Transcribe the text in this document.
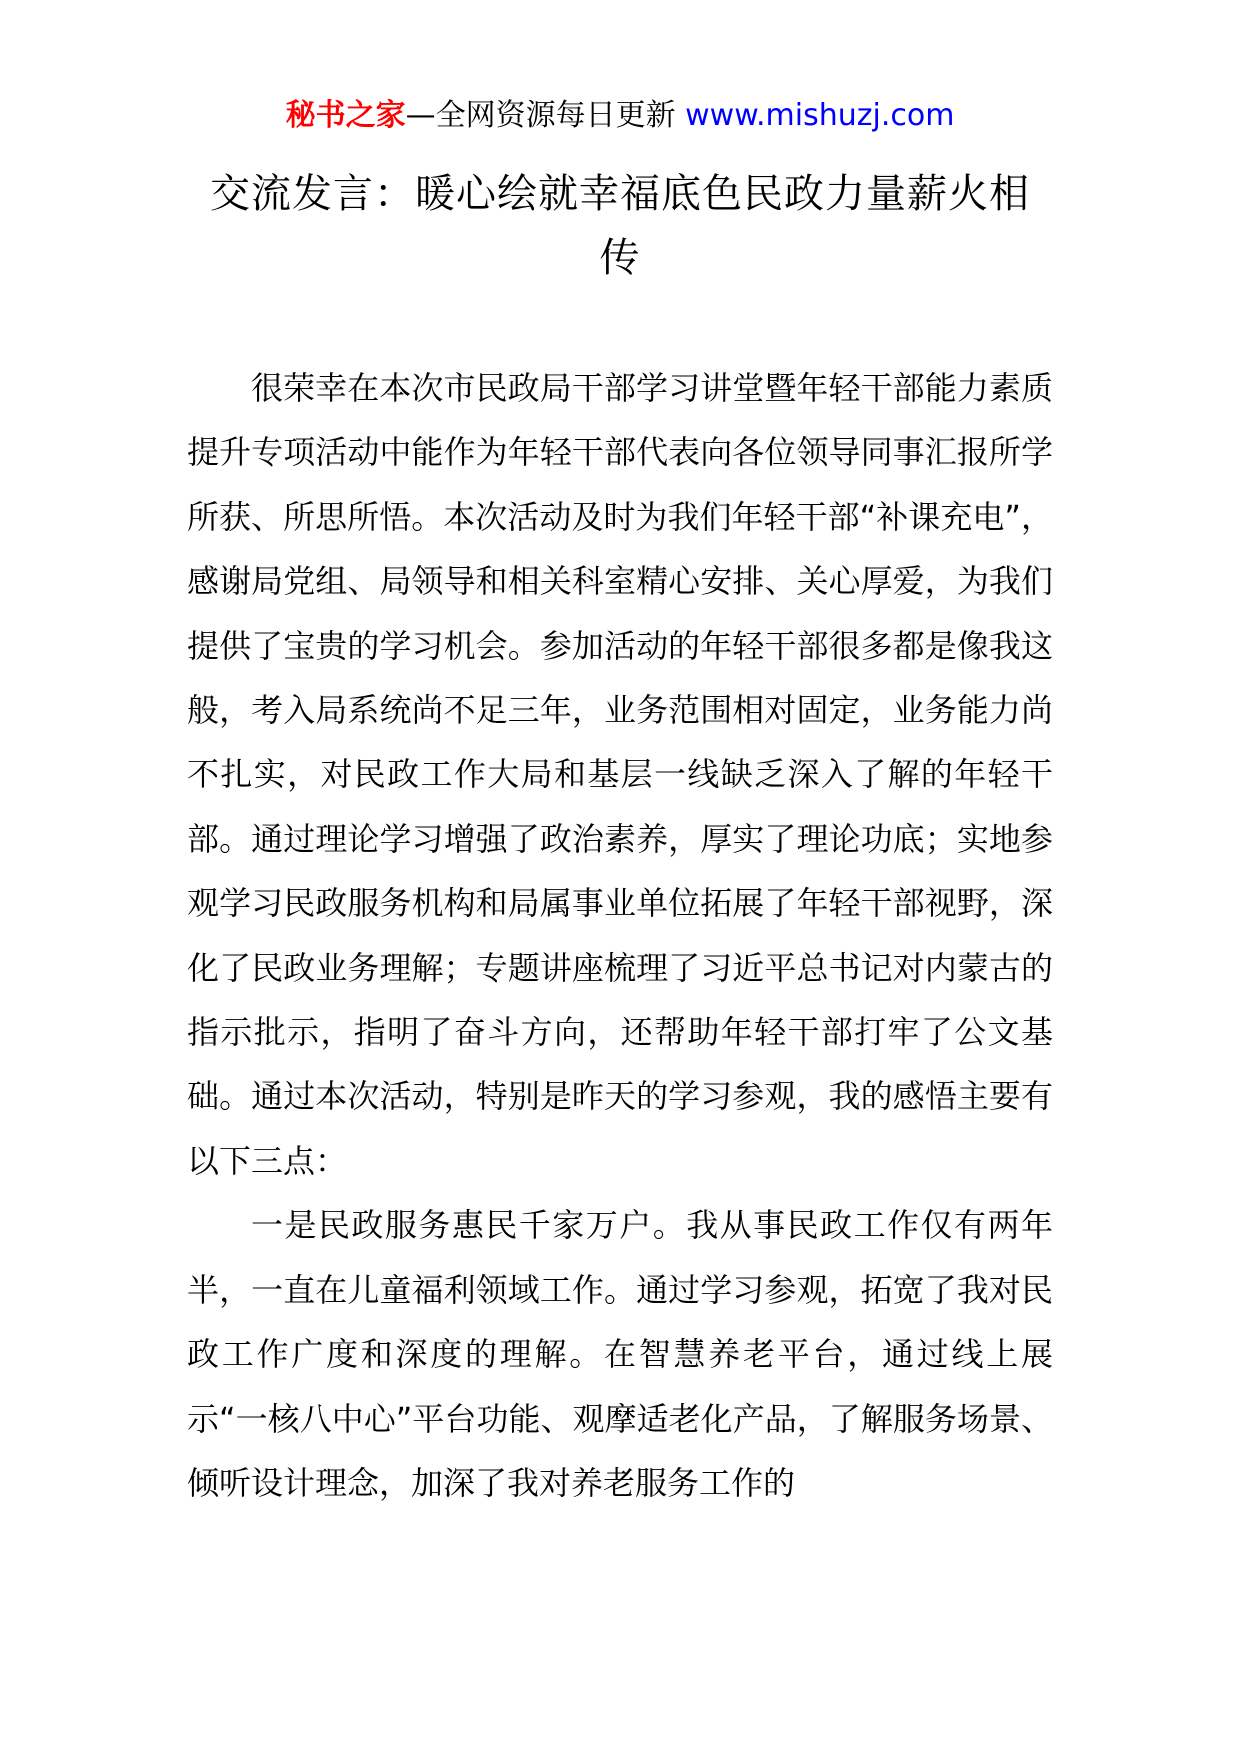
秘书之家—全网资源每日更新 www.mishuzj.com
交流发言：暖心绘就幸福底色民政力量薪火相传

很荣幸在本次市民政局干部学习讲堂暨年轻干部能力素质提升专项活动中能作为年轻干部代表向各位领导同事汇报所学所获、所思所悟。本次活动及时为我们年轻干部“补课充电”，感谢局党组、局领导和相关科室精心安排、关心厚爱，为我们提供了宝贵的学习机会。参加活动的年轻干部很多都是像我这般，考入局系统尚不足三年，业务范围相对固定，业务能力尚不扎实，对民政工作大局和基层一线缺乏深入了解的年轻干部。通过理论学习增强了政治素养，厚实了理论功底；实地参观学习民政服务机构和局属事业单位拓展了年轻干部视野，深化了民政业务理解；专题讲座梳理了习近平总书记对内蒙古的指示批示，指明了奋斗方向，还帮助年轻干部打牢了公文基础。通过本次活动，特别是昨天的学习参观，我的感悟主要有以下三点：

一是民政服务惠民千家万户。我从事民政工作仅有两年半，一直在儿童福利领域工作。通过学习参观，拓宽了我对民政工作广度和深度的理解。在智慧养老平台，通过线上展示“一核八中心”平台功能、观摩适老化产品，了解服务场景、倾听设计理念，加深了我对养老服务工作的
